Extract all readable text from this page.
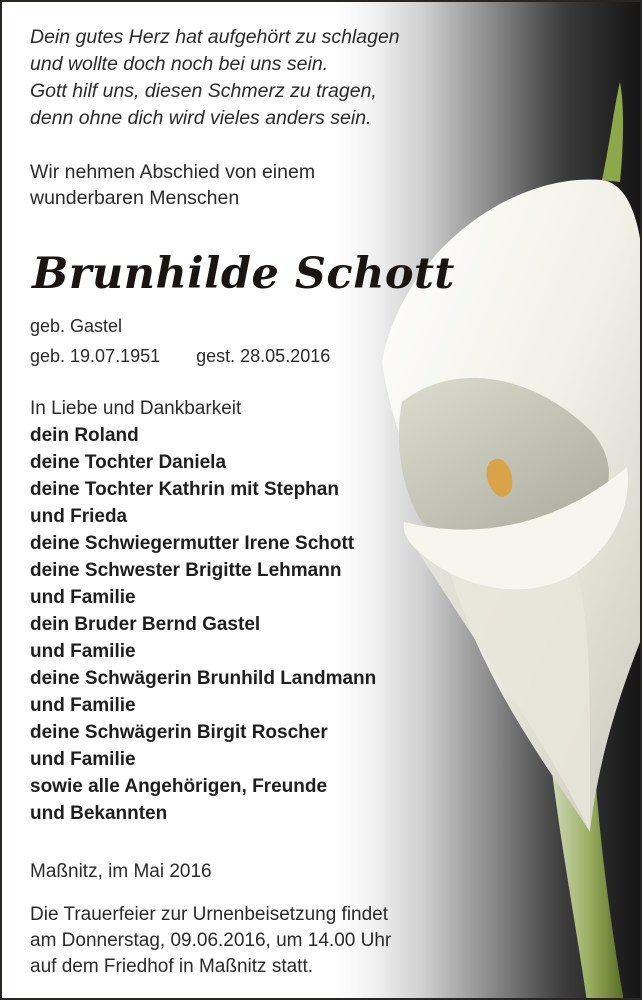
Dein gutes Herz hat aufgehört zu schlagen
und wollte doch noch bei uns sein.
Gott hilf uns, diesen Schmerz zu tragen,
denn ohne dich wird vieles anders sein.
Wir nehmen Abschied von einem
wunderbaren Menschen
Brunhilde Schott
geb. Gastel
geb. 19.07.1951 gest. 28.05.2016
In Liebe und Dankbarkeit
dein Roland
deine Tochter Daniela
deine Tochter Kathrin mit Stephan
und Frieda
deine Schwiegermutter Irene Schott
deine Schwester Brigitte Lehmann
und Familie
dein Bruder Bernd Gastel
und Familie
deine Schwägerin Brunhild Landmann
und Familie
deine Schwägerin Birgit Roscher
und Familie
sowie alle Angehörigen, Freunde
und Bekannten
Maßnitz, im Mai 2016
Die Trauerfeier zur Urnenbeisetzung findet
am Donnerstag, 09.06.2016, um 14.00 Uhr
auf dem Friedhof in Maßnitz statt.
